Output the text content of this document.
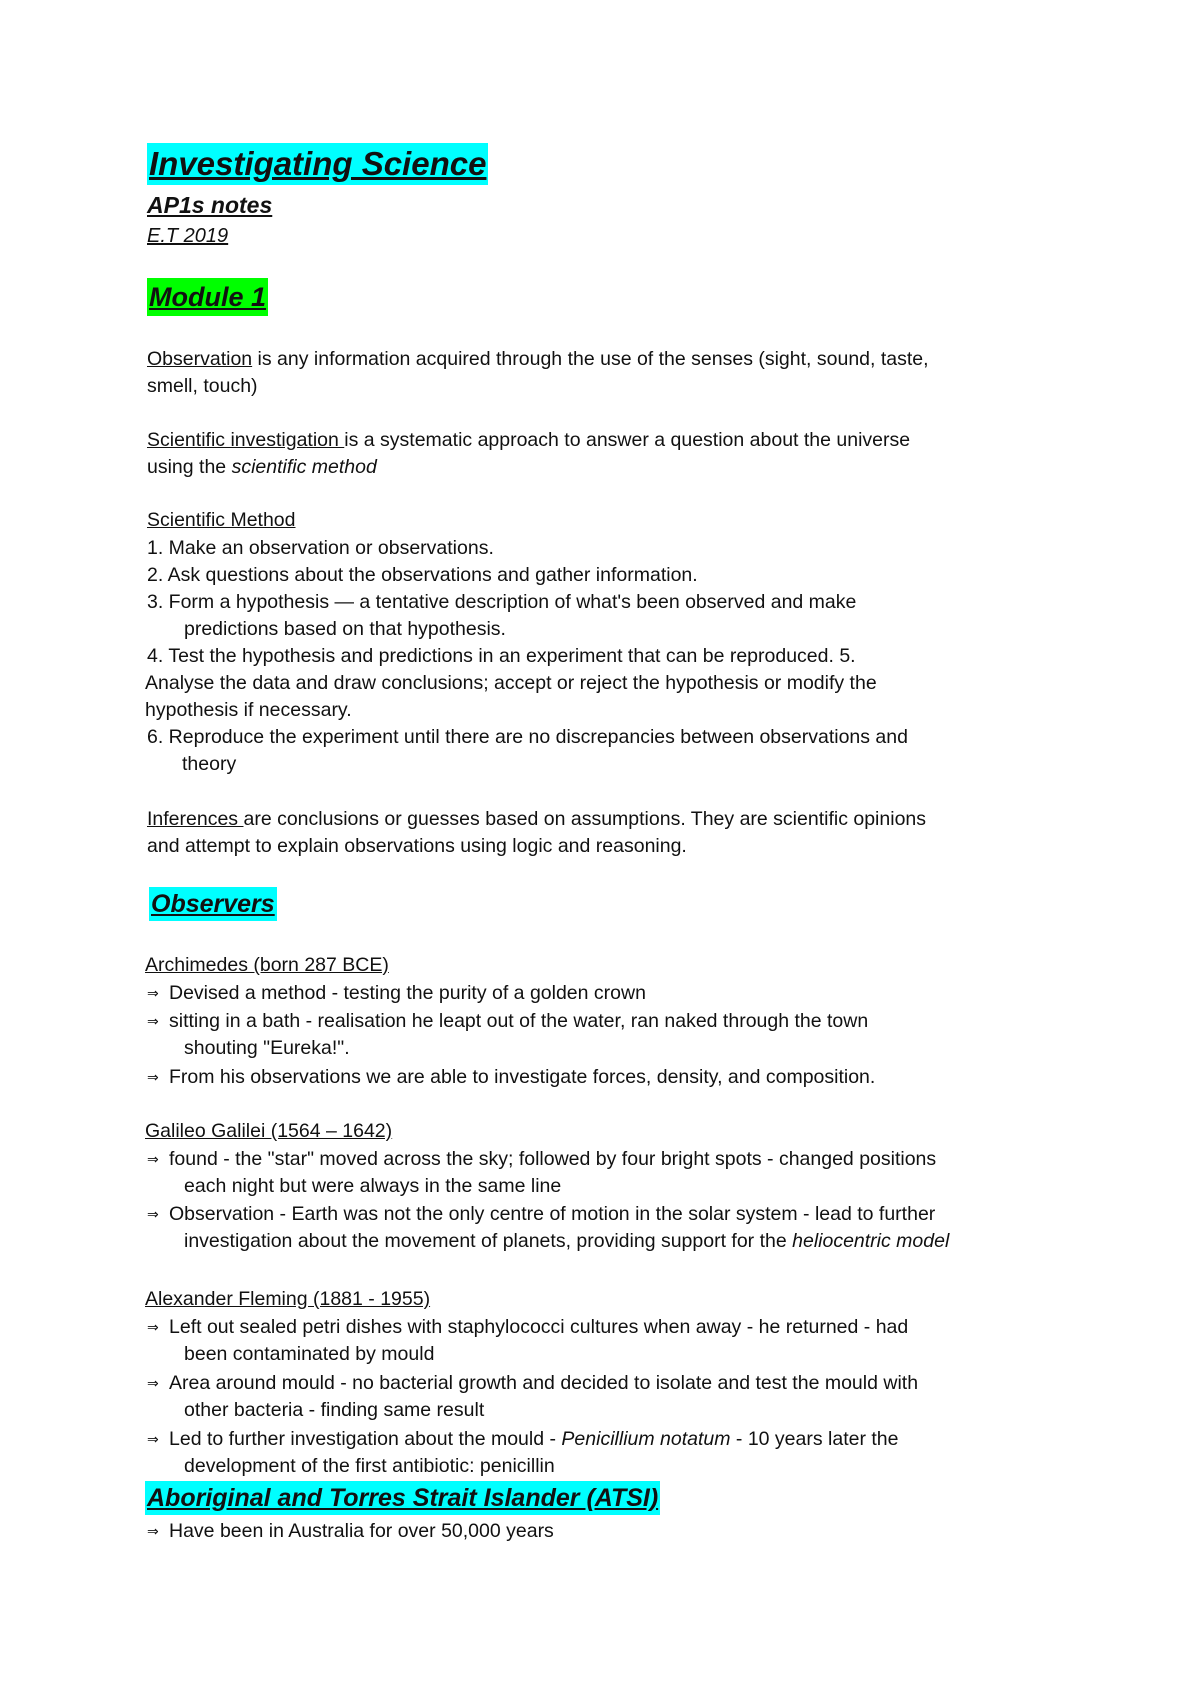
Investigating Science
AP1s notes
E.T 2019
Module 1
Observation is any information acquired through the use of the senses (sight, sound, taste,
smell, touch)
Scientific investigation is a systematic approach to answer a question about the universe
using the scientific method
Scientific Method
1. Make an observation or observations.
2. Ask questions about the observations and gather information.
3. Form a hypothesis — a tentative description of what's been observed and make
predictions based on that hypothesis.
4. Test the hypothesis and predictions in an experiment that can be reproduced. 5.
Analyse the data and draw conclusions; accept or reject the hypothesis or modify the
hypothesis if necessary.
6. Reproduce the experiment until there are no discrepancies between observations and
theory
Inferences are conclusions or guesses based on assumptions. They are scientific opinions
and attempt to explain observations using logic and reasoning.
Observers
Archimedes (born 287 BCE)
⇒ Devised a method - testing the purity of a golden crown
⇒ sitting in a bath - realisation he leapt out of the water, ran naked through the town
shouting "Eureka!".
⇒ From his observations we are able to investigate forces, density, and composition.
Galileo Galilei (1564 – 1642)
⇒ found - the "star" moved across the sky; followed by four bright spots - changed positions
each night but were always in the same line
⇒ Observation - Earth was not the only centre of motion in the solar system - lead to further
investigation about the movement of planets, providing support for the heliocentric model
Alexander Fleming (1881 - 1955)
⇒ Left out sealed petri dishes with staphylococci cultures when away - he returned - had
been contaminated by mould
⇒ Area around mould - no bacterial growth and decided to isolate and test the mould with
other bacteria - finding same result
⇒ Led to further investigation about the mould - Penicillium notatum - 10 years later the
development of the first antibiotic: penicillin
Aboriginal and Torres Strait Islander (ATSI)
⇒ Have been in Australia for over 50,000 years
